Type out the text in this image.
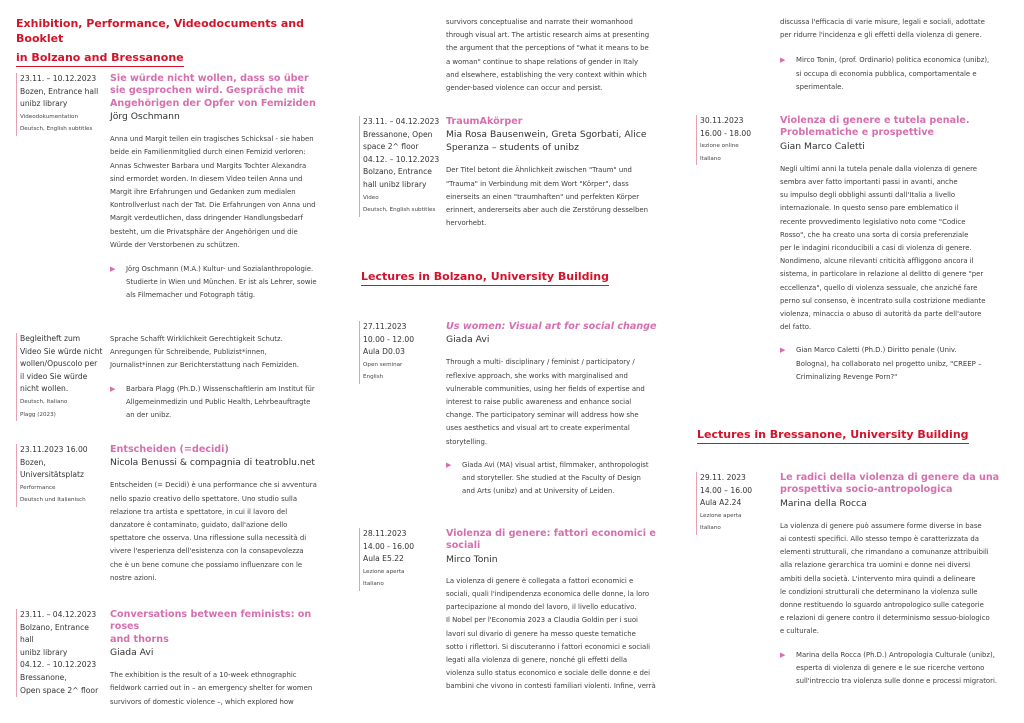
Exhibition, Performance, Videodocuments and Booklet
in Bolzano and Bressanone
23.11. – 10.12.2023
Bozen, Entrance hall
unibz library
Videodokumentation
Deutsch, English subtitles
Sie würde nicht wollen, dass so über
sie gesprochen wird. Gespräche mit
Angehörigen der Opfer von Femiziden
Jörg Oschmann
Anna und Margit teilen ein tragisches Schicksal - sie haben
beide ein Familienmitglied durch einen Femizid verloren:
Annas Schwester Barbara und Margits Tochter Alexandra
sind ermordet worden. In diesem Video teilen Anna und
Margit ihre Erfahrungen und Gedanken zum medialen
Kontrollverlust nach der Tat. Die Erfahrungen von Anna und
Margit verdeutlichen, dass dringender Handlungsbedarf
besteht, um die Privatsphäre der Angehörigen und die
Würde der Verstorbenen zu schützen.
▶	Jörg Oschmann (M.A.) Kultur- und Sozialanthropologie.
Studierte in Wien und München. Er ist als Lehrer, sowie
als Filmemacher und Fotograph tätig.
Begleitheft zum
Video Sie würde nicht
wollen/Opuscolo per
il video Sie würde
nicht wollen.
Deutsch, Italiano
Plagg (2023)
Sprache Schafft Wirklichkeit Gerechtigkeit Schutz.
Anregungen für Schreibende, Publizist*innen,
Journalist*innen zur Berichterstattung nach Femiziden.
▶	Barbara Plagg (Ph.D.) Wissenschaftlerin am Institut für
Allgemeinmedizin und Public Health, Lehrbeauftragte
an der unibz.
23.11.2023 16.00
Bozen,
Universitätsplatz
Performance
Deutsch und Italienisch
Entscheiden (=decidi)
Nicola Benussi & compagnia di teatroblu.net
Entscheiden (= Decidi) è una performance che si avventura
nello spazio creativo dello spettatore. Uno studio sulla
relazione tra artista e spettatore, in cui il lavoro del
danzatore è contaminato, guidato, dall'azione dello
spettatore che osserva. Una riflessione sulla necessità di
vivere l'esperienza dell'esistenza con la consapevolezza
che è un bene comune che possiamo influenzare con le
nostre azioni.
23.11. – 04.12.2023
Bolzano, Entrance hall
unibz library
04.12. – 10.12.2023
Bressanone,
Open space 2^ floor
Conversations between feminists: on roses
and thorns
Giada Avi
The exhibition is the result of a 10-week ethnographic
fieldwork carried out in – an emergency shelter for women
survivors of domestic violence –, which explored how
survivors conceptualise and narrate their womanhood
through visual art. The artistic research aims at presenting
the argument that the perceptions of "what it means to be
a woman" continue to shape relations of gender in Italy
and elsewhere, establishing the very context within which
gender-based violence can occur and persist.
23.11. – 04.12.2023
Bressanone, Open
space 2^ floor
04.12. – 10.12.2023
Bolzano, Entrance
hall unibz library
Video
Deutsch, English subtitles
TraumAkörper
Mia Rosa Bausenwein, Greta Sgorbati, Alice
Speranza – students of unibz
Der Titel betont die Ähnlichkeit zwischen "Traum" und
"Trauma" in Verbindung mit dem Wort "Körper", dass
einerseits an einen "traumhaften" und perfekten Körper
erinnert, andererseits aber auch die Zerstörung desselben
hervorhebt.
Lectures in Bolzano, University Building
27.11.2023
10.00 - 12.00
Aula D0.03
Open seminar
English
Us women: Visual art for social change
Giada Avi
Through a multi- disciplinary / feminist / participatory /
reflexive approach, she works with marginalised and
vulnerable communities, using her fields of expertise and
interest to raise public awareness and enhance social
change. The participatory seminar will address how she
uses aesthetics and visual art to create experimental
storytelling.
▶	Giada Avi (MA) visual artist, filmmaker, anthropologist
and storyteller. She studied at the Faculty of Design
and Arts (unibz) and at University of Leiden.
28.11.2023
14.00 - 16.00
Aula E5.22
Lezione aperta
Italiano
Violenza di genere: fattori economici e
sociali
Mirco Tonin
La violenza di genere è collegata a fattori economici e
sociali, quali l'indipendenza economica delle donne, la loro
partecipazione al mondo del lavoro, il livello educativo.
Il Nobel per l'Economia 2023 a Claudia Goldin per i suoi
lavori sul divario di genere ha messo queste tematiche
sotto i riflettori. Si discuteranno i fattori economici e sociali
legati alla violenza di genere, nonché gli effetti della
violenza sullo status economico e sociale delle donne e dei
bambini che vivono in contesti familiari violenti. Infine, verrà
discussa l'efficacia di varie misure, legali e sociali, adottate
per ridurre l'incidenza e gli effetti della violenza di genere.
▶	Mirco Tonin, (prof. Ordinario) politica economica (unibz),
si occupa di economia pubblica, comportamentale e
sperimentale.
30.11.2023
16.00 - 18.00
lezione online
Italiano
Violenza di genere e tutela penale.
Problematiche e prospettive
Gian Marco Caletti
Negli ultimi anni la tutela penale dalla violenza di genere
sembra aver fatto importanti passi in avanti, anche
su impulso degli obblighi assunti dall'Italia a livello
internazionale. In questo senso pare emblematico il
recente provvedimento legislativo noto come "Codice
Rosso", che ha creato una sorta di corsia preferenziale
per le indagini riconducibili a casi di violenza di genere.
Nondimeno, alcune rilevanti criticità affliggono ancora il
sistema, in particolare in relazione al delitto di genere "per
eccellenza", quello di violenza sessuale, che anziché fare
perno sul consenso, è incentrato sulla costrizione mediante
violenza, minaccia o abuso di autorità da parte dell'autore
del fatto.
▶	Gian Marco Caletti (Ph.D.) Diritto penale (Univ.
Bologna), ha collaborato nel progetto unibz, "CREEP –
Criminalizing Revenge Porn?"
Lectures in Bressanone, University Building
29.11. 2023
14.00 – 16.00
Aula A2.24
Lezione aperta
Italiano
Le radici della violenza di genere da una
prospettiva socio-antropologica
Marina della Rocca
La violenza di genere può assumere forme diverse in base
ai contesti specifici. Allo stesso tempo è caratterizzata da
elementi strutturali, che rimandano a comunanze attribuibili
alla relazione gerarchica tra uomini e donne nei diversi
ambiti della società. L'intervento mira quindi a delineare
le condizioni strutturali che determinano la violenza sulle
donne restituendo lo sguardo antropologico sulle categorie
e relazioni di genere contro il determinismo sessuo-biologico
e culturale.
▶	Marina della Rocca (Ph.D.) Antropologia Culturale (unibz),
esperta di violenza di genere e le sue ricerche vertono
sull'intreccio tra violenza sulle donne e processi migratori.
